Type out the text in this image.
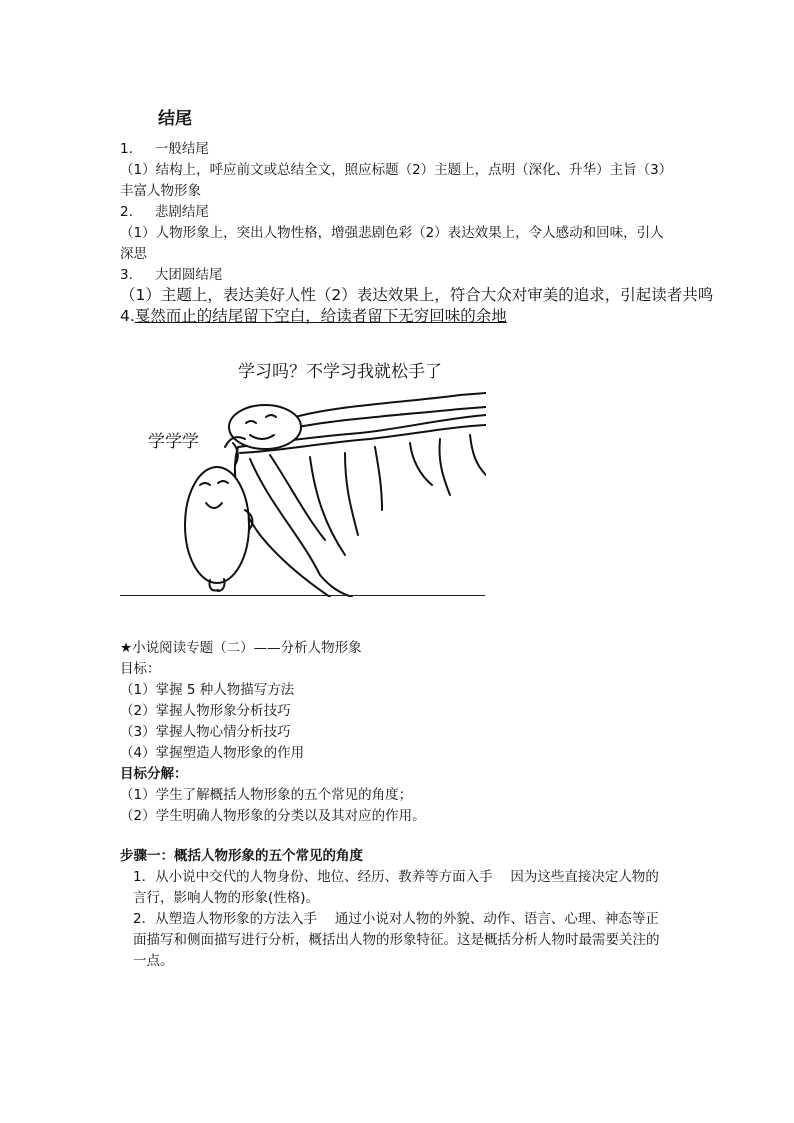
结尾
1. 一般结尾
（1）结构上，呼应前文或总结全文，照应标题（2）主题上，点明（深化、升华）主旨（3）
丰富人物形象
2. 悲剧结尾
（1）人物形象上，突出人物性格，增强悲剧色彩（2）表达效果上，令人感动和回味，引人
深思
3. 大团圆结尾
（1）主题上，表达美好人性（2）表达效果上，符合大众对审美的追求，引起读者共鸣
4.戛然而止的结尾留下空白，给读者留下无穷回味的余地
学习吗？不学习我就松手了
学学学
★小说阅读专题（二）——分析人物形象
目标：
（1）掌握 5 种人物描写方法
（2）掌握人物形象分析技巧
（3）掌握人物心情分析技巧
（4）掌握塑造人物形象的作用
目标分解：
（1）学生了解概括人物形象的五个常见的角度；
（2）学生明确人物形象的分类以及其对应的作用。
步骤一：概括人物形象的五个常见的角度
1．从小说中交代的人物身份、地位、经历、教养等方面入手　 因为这些直接决定人物的
言行，影响人物的形象(性格)。
2．从塑造人物形象的方法入手　 通过小说对人物的外貌、动作、语言、心理、神态等正
面描写和侧面描写进行分析，概括出人物的形象特征。这是概括分析人物时最需要关注的
一点。
